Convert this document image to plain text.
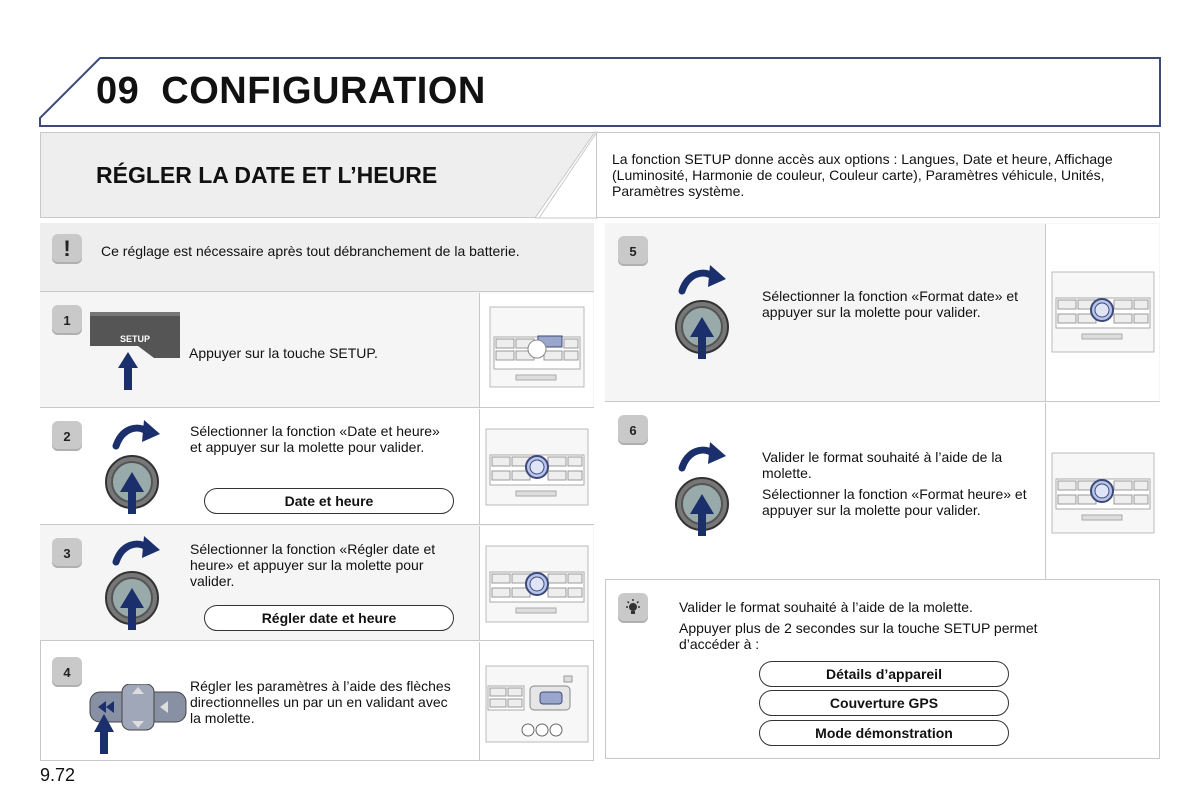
09 CONFIGURATION
RÉGLER LA DATE ET L’HEURE
La fonction SETUP donne accès aux options : Langues, Date et heure, Affichage (Luminosité, Harmonie de couleur, Couleur carte), Paramètres véhicule, Unités, Paramètres système.
!	Ce réglage est nécessaire après tout débranchement de la batterie.
1
SETUP
Appuyer sur la touche SETUP.
2	Sélectionner la fonction «Date et heure» et appuyer sur la molette pour valider.
Date et heure
3	Sélectionner la fonction «Régler date et heure» et appuyer sur la molette pour valider.
Régler date et heure
4
Régler les paramètres à l’aide des flèches directionnelles un par un en validant avec la molette.
5
Sélectionner la fonction «Format date» et appuyer sur la molette pour valider.
6
Valider le format souhaité à l’aide de la molette.
Sélectionner la fonction «Format heure» et appuyer sur la molette pour valider.
Valider le format souhaité à l’aide de la molette.
Appuyer plus de 2 secondes sur la touche SETUP permet d’accéder à :
Détails d’appareil
Couverture GPS
Mode démonstration
9.72
